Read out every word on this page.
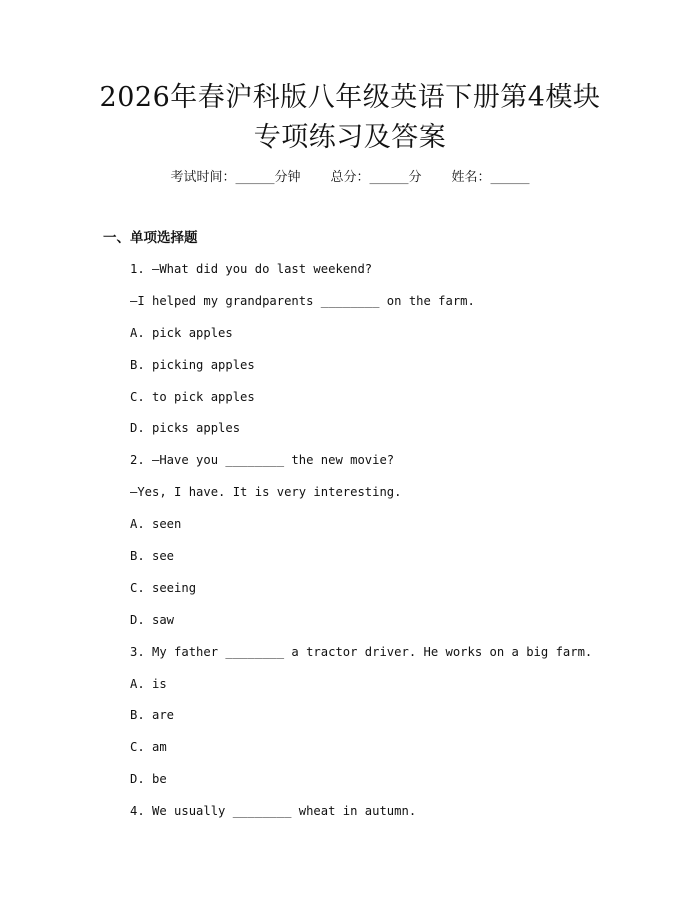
2026年春沪科版八年级英语下册第4模块专项练习及答案
考试时间：______分钟 总分：______分 姓名：______
一、单项选择题
1. —What did you do last weekend?
—I helped my grandparents ________ on the farm.
A. pick apples
B. picking apples
C. to pick apples
D. picks apples
2. —Have you ________ the new movie?
—Yes, I have. It is very interesting.
A. seen
B. see
C. seeing
D. saw
3. My father ________ a tractor driver. He works on a big farm.
A. is
B. are
C. am
D. be
4. We usually ________ wheat in autumn.
